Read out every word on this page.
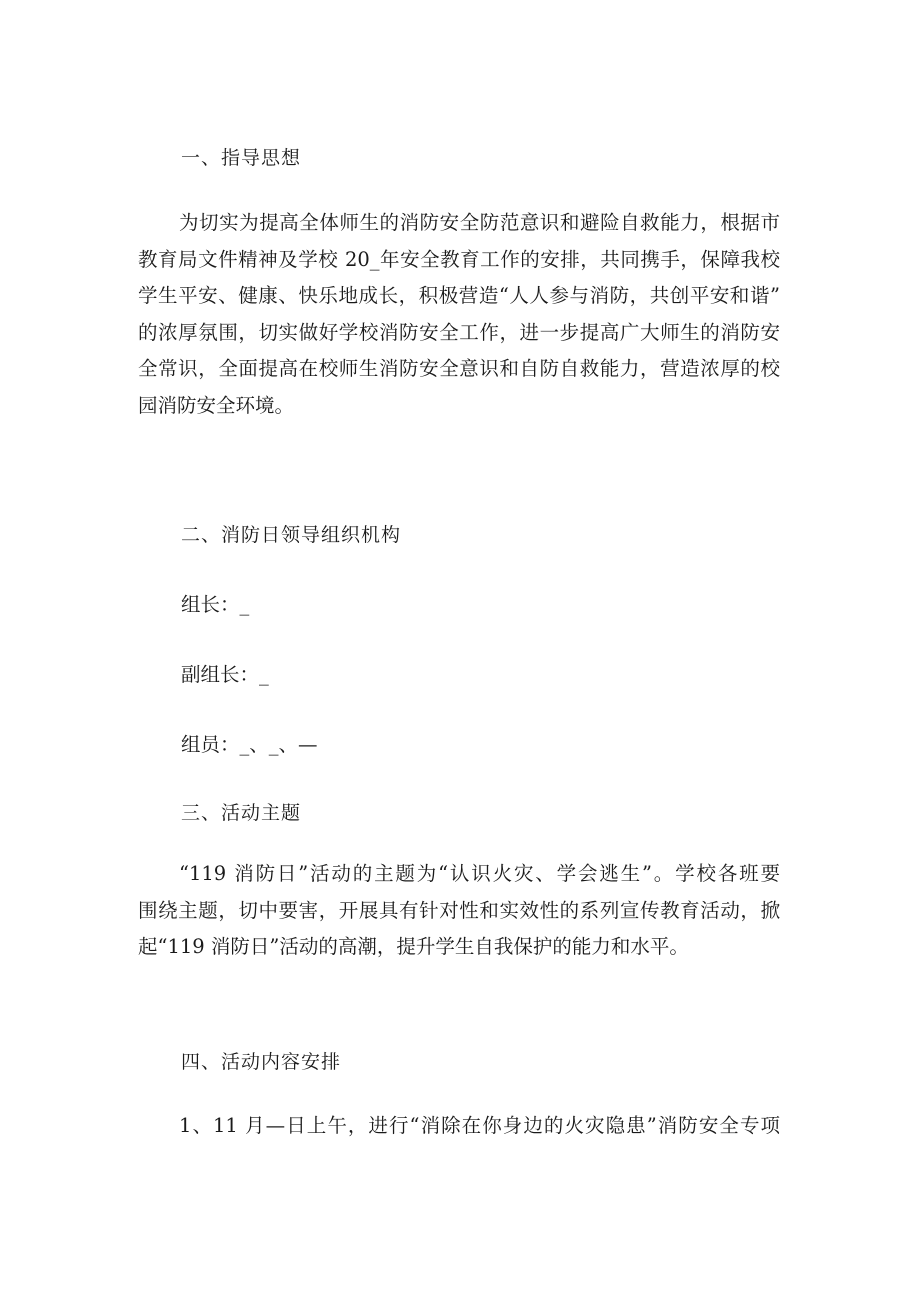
一、指导思想
为切实为提高全体师生的消防安全防范意识和避险自救能力，根据市
教育局文件精神及学校 20_年安全教育工作的安排，共同携手，保障我校
学生平安、健康、快乐地成长，积极营造“人人参与消防，共创平安和谐”
的浓厚氛围，切实做好学校消防安全工作，进一步提高广大师生的消防安
全常识，全面提高在校师生消防安全意识和自防自救能力，营造浓厚的校
园消防安全环境。
二、消防日领导组织机构
组长：_
副组长：_
组员：_、_、—
三、活动主题
“119 消防日”活动的主题为“认识火灾、学会逃生”。学校各班要
围绕主题，切中要害，开展具有针对性和实效性的系列宣传教育活动，掀
起“119 消防日”活动的高潮，提升学生自我保护的能力和水平。
四、活动内容安排
1、11 月—日上午，进行“消除在你身边的火灾隐患”消防安全专项
